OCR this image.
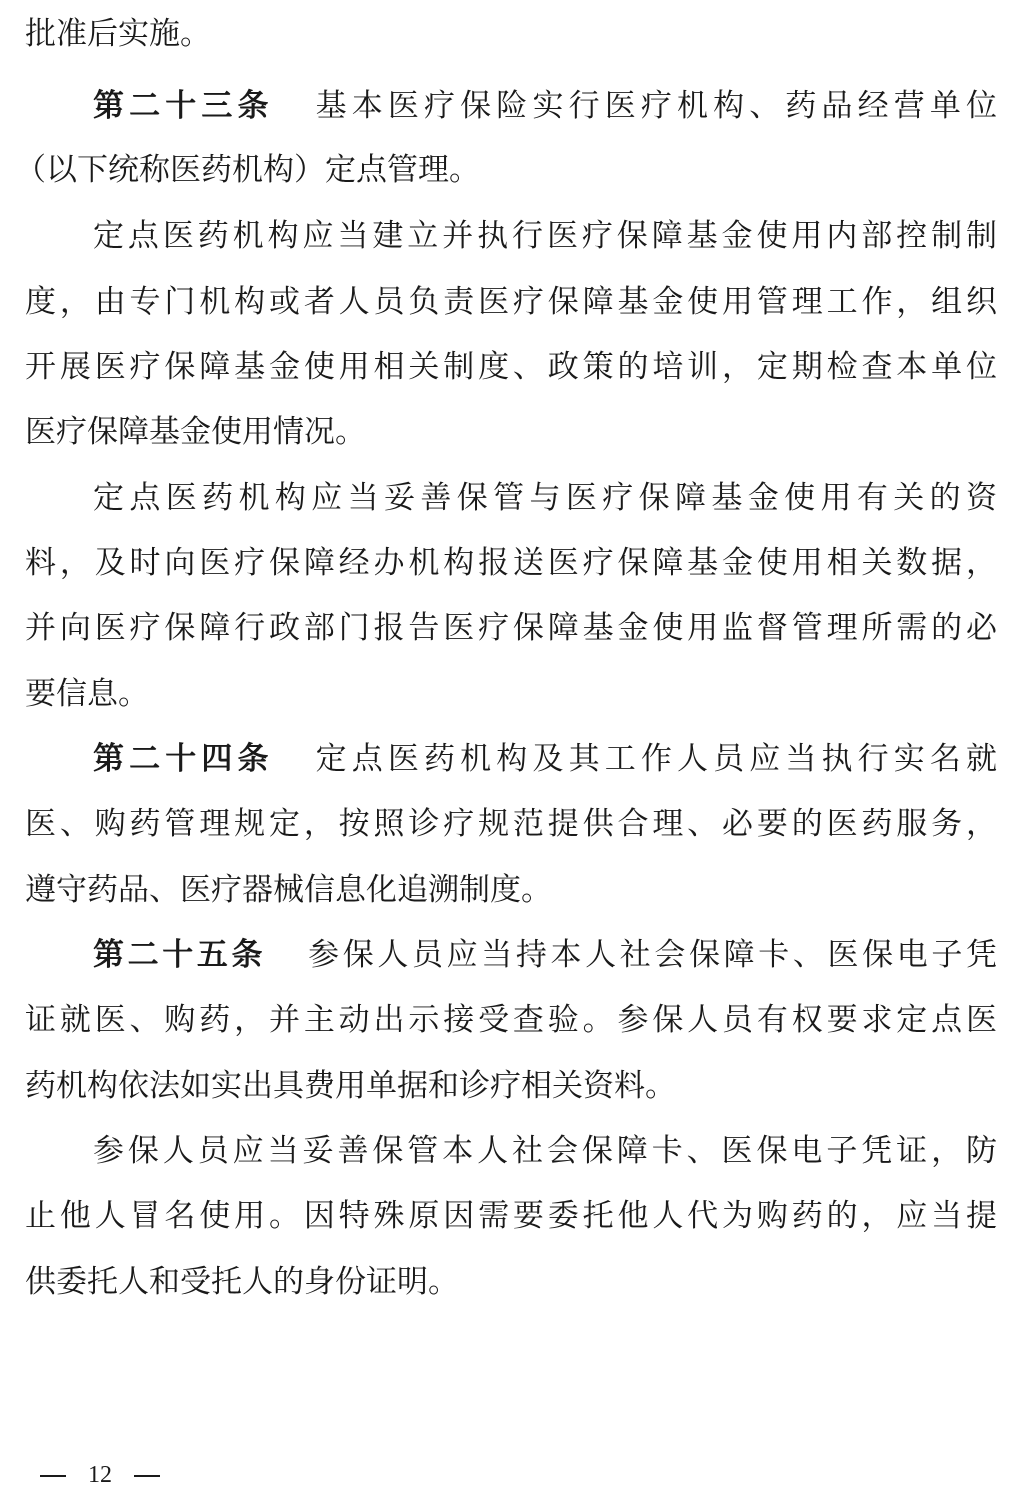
批准后实施。
第二十三条 基本医疗保险实行医疗机构、药品经营单位
（以下统称医药机构）定点管理。
定点医药机构应当建立并执行医疗保障基金使用内部控制制
度，由专门机构或者人员负责医疗保障基金使用管理工作，组织
开展医疗保障基金使用相关制度、政策的培训，定期检查本单位
医疗保障基金使用情况。
定点医药机构应当妥善保管与医疗保障基金使用有关的资
料，及时向医疗保障经办机构报送医疗保障基金使用相关数据，
并向医疗保障行政部门报告医疗保障基金使用监督管理所需的必
要信息。
第二十四条 定点医药机构及其工作人员应当执行实名就
医、购药管理规定，按照诊疗规范提供合理、必要的医药服务，
遵守药品、医疗器械信息化追溯制度。
第二十五条 参保人员应当持本人社会保障卡、医保电子凭
证就医、购药，并主动出示接受查验。参保人员有权要求定点医
药机构依法如实出具费用单据和诊疗相关资料。
参保人员应当妥善保管本人社会保障卡、医保电子凭证，防
止他人冒名使用。因特殊原因需要委托他人代为购药的，应当提
供委托人和受托人的身份证明。
12
